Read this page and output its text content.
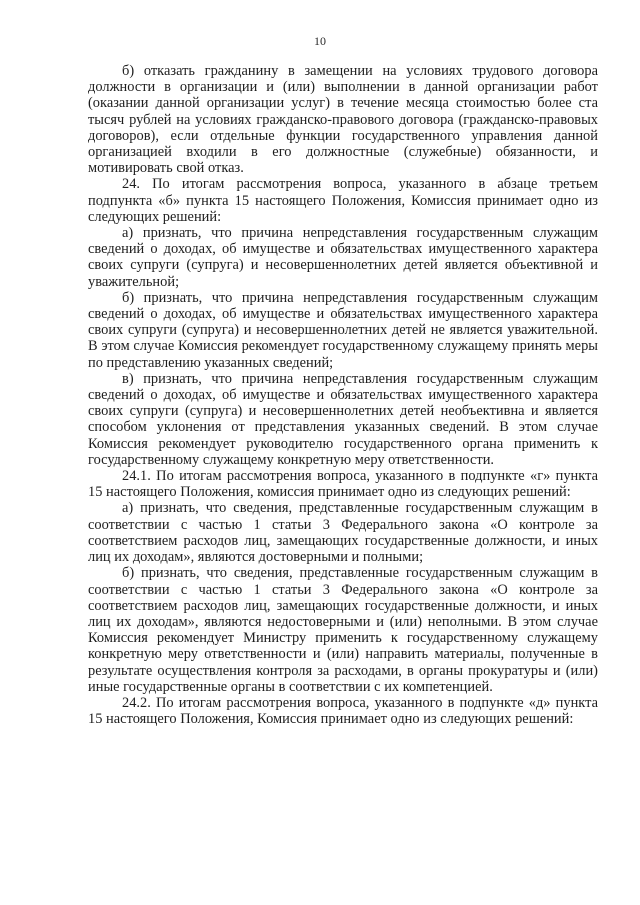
10

б) отказать гражданину в замещении на условиях трудового договора должности в организации и (или) выполнении в данной организации работ (оказании данной организации услуг) в течение месяца стоимостью более ста тысяч рублей на условиях гражданско-правового договора (гражданско-правовых договоров), если отдельные функции государственного управления данной организацией входили в его должностные (служебные) обязанности, и мотивировать свой отказ.

24. По итогам рассмотрения вопроса, указанного в абзаце третьем подпункта «б» пункта 15 настоящего Положения, Комиссия принимает одно из следующих решений:

а) признать, что причина непредставления государственным служащим сведений о доходах, об имуществе и обязательствах имущественного характера своих супруги (супруга) и несовершеннолетних детей является объективной и уважительной;

б) признать, что причина непредставления государственным служащим сведений о доходах, об имуществе и обязательствах имущественного характера своих супруги (супруга) и несовершеннолетних детей не является уважительной. В этом случае Комиссия рекомендует государственному служащему принять меры по представлению указанных сведений;

в) признать, что причина непредставления государственным служащим сведений о доходах, об имуществе и обязательствах имущественного характера своих супруги (супруга) и несовершеннолетних детей необъективна и является способом уклонения от представления указанных сведений. В этом случае Комиссия рекомендует руководителю государственного органа применить к государственному служащему конкретную меру ответственности.

24.1. По итогам рассмотрения вопроса, указанного в подпункте «г» пункта 15 настоящего Положения, комиссия принимает одно из следующих решений:

а) признать, что сведения, представленные государственным служащим в соответствии с частью 1 статьи 3 Федерального закона «О контроле за соответствием расходов лиц, замещающих государственные должности, и иных лиц их доходам», являются достоверными и полными;

б) признать, что сведения, представленные государственным служащим в соответствии с частью 1 статьи 3 Федерального закона «О контроле за соответствием расходов лиц, замещающих государственные должности, и иных лиц их доходам», являются недостоверными и (или) неполными. В этом случае Комиссия рекомендует Министру применить к государственному служащему конкретную меру ответственности и (или) направить материалы, полученные в результате осуществления контроля за расходами, в органы прокуратуры и (или) иные государственные органы в соответствии с их компетенцией.

24.2. По итогам рассмотрения вопроса, указанного в подпункте «д» пункта 15 настоящего Положения, Комиссия принимает одно из следующих решений:
